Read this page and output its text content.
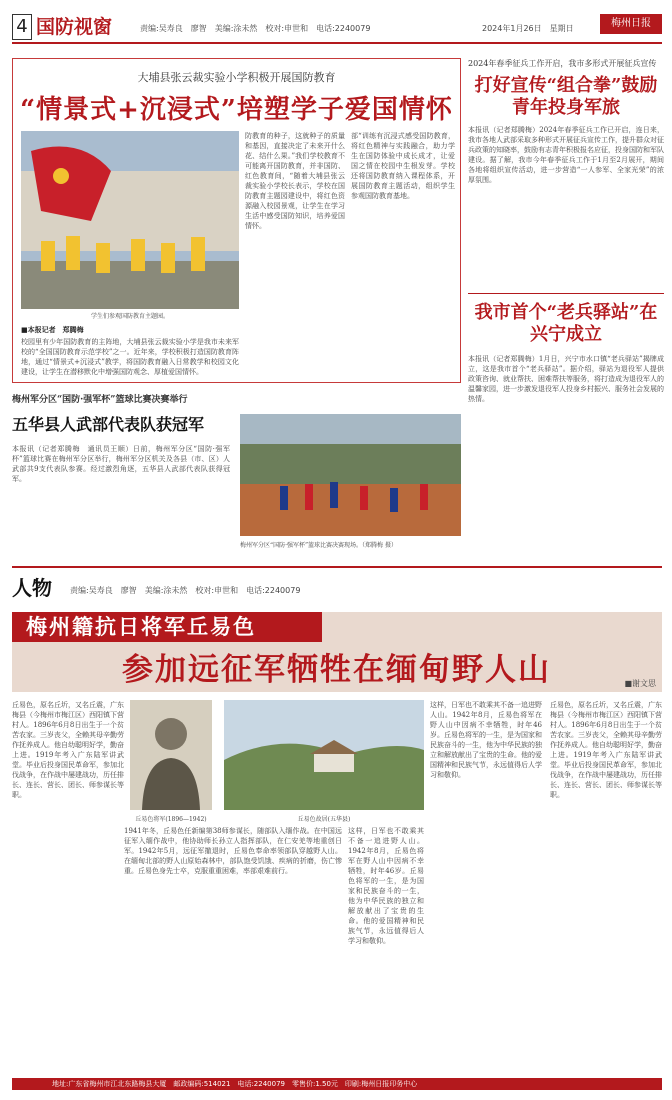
4 国防视窗	责编:吴寿良　廖智　美编:涂未然　校对:申世和　电话:2240079	2024年1月26日　星期日	梅州日报
大埔县张云裁实验小学积极开展国防教育
“情景式+沉浸式”培塑学子爱国情怀
学生们参观国防教育主题园。
■本报记者　郑腾梅
校园里有少年国防教育的主阵地，大埔县张云裁实验小学是我市未来军校的“全国国防教育示范学校”之一。近年来，学校积极打造国防教育阵地，通过“情景式+沉浸式”教学，将国防教育融入日常教学和校园文化建设，让学生在潜移默化中增强国防观念、厚植爱国情怀。
防教育的种子，这就种子的质量和基因，直接决定了未来开什么花、结什么果。”我们学校教育不可能离开国防教育，并非国防、红色教育间，“随着大埔县张云裁实验小学校长表示，学校在国防教育主题园建设中，将红色资源融入校园景观，让学生在学习生活中感受国防知识，培养爱国情怀。
部“训练有沉浸式感受国防教育，将红色精神与实践融合，助力学生在国防体验中成长成才，让爱国之情在校园中生根发芽。学校还将国防教育纳入课程体系，开展国防教育主题活动，组织学生参观国防教育基地。
2024年春季征兵工作开启，我市多形式开展征兵宣传
打好宣传“组合拳”鼓励青年投身军旅
本报讯（记者郑腾梅）2024年春季征兵工作已开启，连日来，我市各地人武部采取多种形式开展征兵宣传工作，提升群众对征兵政策的知晓率，鼓励有志青年积极报名应征，投身国防和军队建设。据了解，我市今年春季征兵工作于1月至2月展开，期间各地将组织宣传活动，进一步营造“一人参军、全家光荣”的浓厚氛围。
我市首个“老兵驿站”在兴宁成立
本报讯（记者郑腾梅）1月日，兴宁市水口镇“老兵驿站”揭牌成立，这是我市首个“老兵驿站”。据介绍，驿站为退役军人提供政策咨询、就业帮扶、困难帮扶等服务，将打造成为退役军人的温馨家园，进一步激发退役军人投身乡村振兴、服务社会发展的热情。
梅州军分区“国防·强军杯”篮球比赛决赛举行
五华县人武部代表队获冠军
本报讯（记者郑腾梅　通讯员王顺）日前，梅州军分区“国防·强军杯”篮球比赛在梅州军分区举行，梅州军分区机关及各县（市、区）人武部共9支代表队参赛。经过激烈角逐，五华县人武部代表队获得冠军。
梅州军分区“国防·强军杯”篮球比赛决赛现场。（郑腾梅 摄）
人物 责编:吴寿良　廖智　美编:涂未然　校对:申世和　电话:2240079
梅州籍抗日将军丘易色
参加远征军牺牲在缅甸野人山	■谢文思
丘易色，原名丘圻，又名丘震，广东梅县（今梅州市梅江区）西阳镇下营村人。1896年6月8日出生于一个贫苦农家。三岁丧父，全赖其母辛勤劳作抚养成人。他自幼聪明好学，勤奋上进。1919年考入广东陆军讲武堂。毕业后投身国民革命军，参加北伐战争，在作战中屡建战功，历任排长、连长、营长、团长、师参谋长等职。
丘易色将军(1896—1942)	丘易色故居(五华县)
1941年冬，丘易色任新编第38师参谋长，随部队入缅作战。在中国远征军入缅作战中，他协助师长孙立人指挥部队，在仁安羌等地重创日军。1942年5月，远征军撤退时，丘易色奉命率领部队穿越野人山。在缅甸北部的野人山原始森林中，部队饱受饥饿、疾病的折磨，伤亡惨重。丘易色身先士卒，克服重重困难，率部艰难前行。
这样，日军也不敢乘其不备一追进野人山。1942年8月，丘易色将军在野人山中因病不幸牺牲，时年46岁。丘易色将军的一生，是为国家和民族奋斗的一生，他为中华民族的独立和解放献出了宝贵的生命。他的爱国精神和民族气节，永远值得后人学习和敬仰。
丘易色，原名丘圻，又名丘震，广东梅县（今梅州市梅江区）西阳镇下营村人。1896年6月8日出生于一个贫苦农家。三岁丧父，全赖其母辛勤劳作抚养成人。他自幼聪明好学，勤奋上进。1919年考入广东陆军讲武堂。毕业后投身国民革命军，参加北伐战争，在作战中屡建战功，历任排长、连长、营长、团长、师参谋长等职。
这样，日军也不敢乘其不备一追进野人山。1942年8月，丘易色将军在野人山中因病不幸牺牲，时年46岁。丘易色将军的一生，是为国家和民族奋斗的一生，他为中华民族的独立和解放献出了宝贵的生命。他的爱国精神和民族气节，永远值得后人学习和敬仰。
地址:广东省梅州市江北东路梅县大厦　邮政编码:514021　电话:2240079　零售价:1.50元　印刷:梅州日报印务中心
